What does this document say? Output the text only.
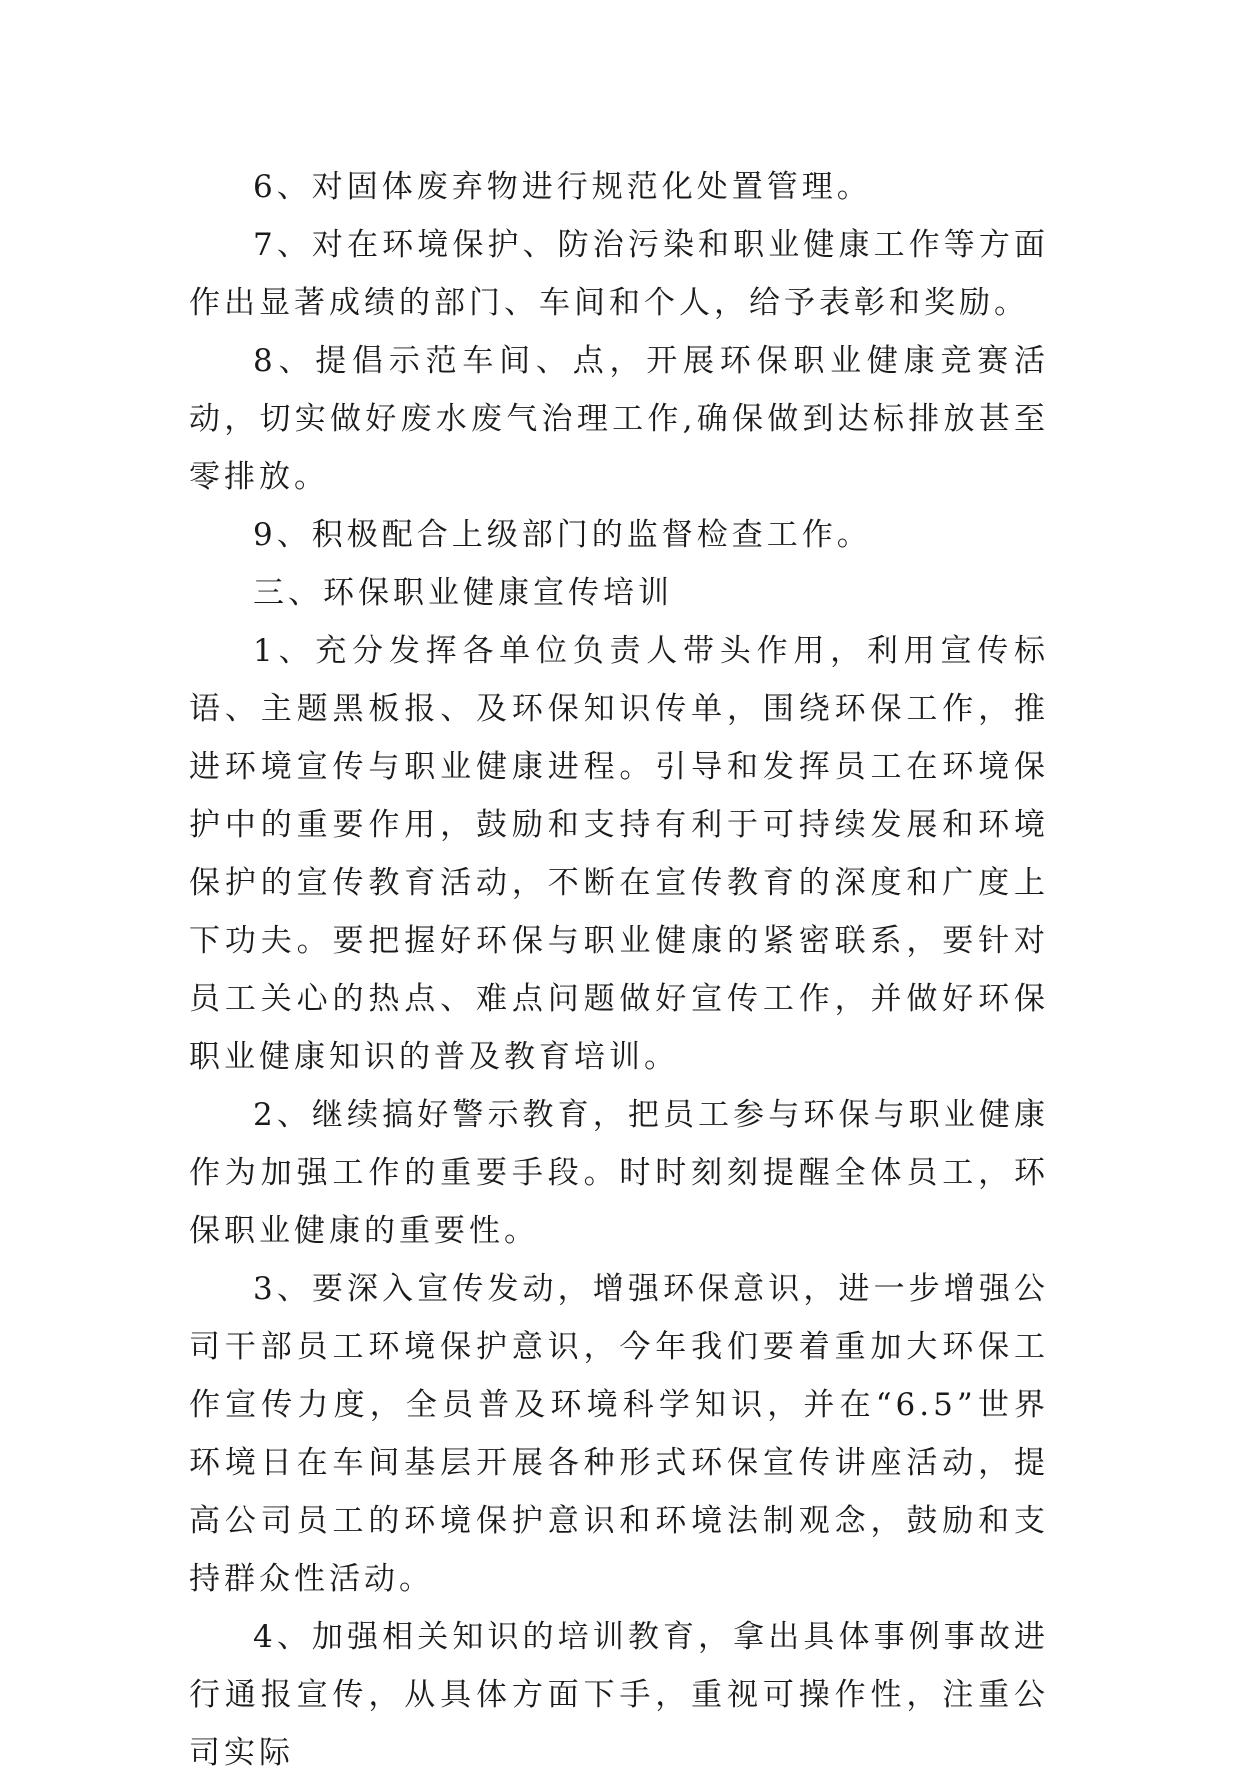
6、对固体废弃物进行规范化处置管理。

7、对在环境保护、防治污染和职业健康工作等方面作出显著成绩的部门、车间和个人，给予表彰和奖励。

8、提倡示范车间、点，开展环保职业健康竞赛活动，切实做好废水废气治理工作,确保做到达标排放甚至零排放。

9、积极配合上级部门的监督检查工作。

三、环保职业健康宣传培训

1、充分发挥各单位负责人带头作用，利用宣传标语、主题黑板报、及环保知识传单，围绕环保工作，推进环境宣传与职业健康进程。引导和发挥员工在环境保护中的重要作用，鼓励和支持有利于可持续发展和环境保护的宣传教育活动，不断在宣传教育的深度和广度上下功夫。要把握好环保与职业健康的紧密联系，要针对员工关心的热点、难点问题做好宣传工作，并做好环保职业健康知识的普及教育培训。

2、继续搞好警示教育，把员工参与环保与职业健康作为加强工作的重要手段。时时刻刻提醒全体员工，环保职业健康的重要性。

3、要深入宣传发动，增强环保意识，进一步增强公司干部员工环境保护意识，今年我们要着重加大环保工作宣传力度，全员普及环境科学知识，并在“6.5”世界环境日在车间基层开展各种形式环保宣传讲座活动，提高公司员工的环境保护意识和环境法制观念，鼓励和支持群众性活动。

4、加强相关知识的培训教育，拿出具体事例事故进行通报宣传，从具体方面下手，重视可操作性，注重公司实际
